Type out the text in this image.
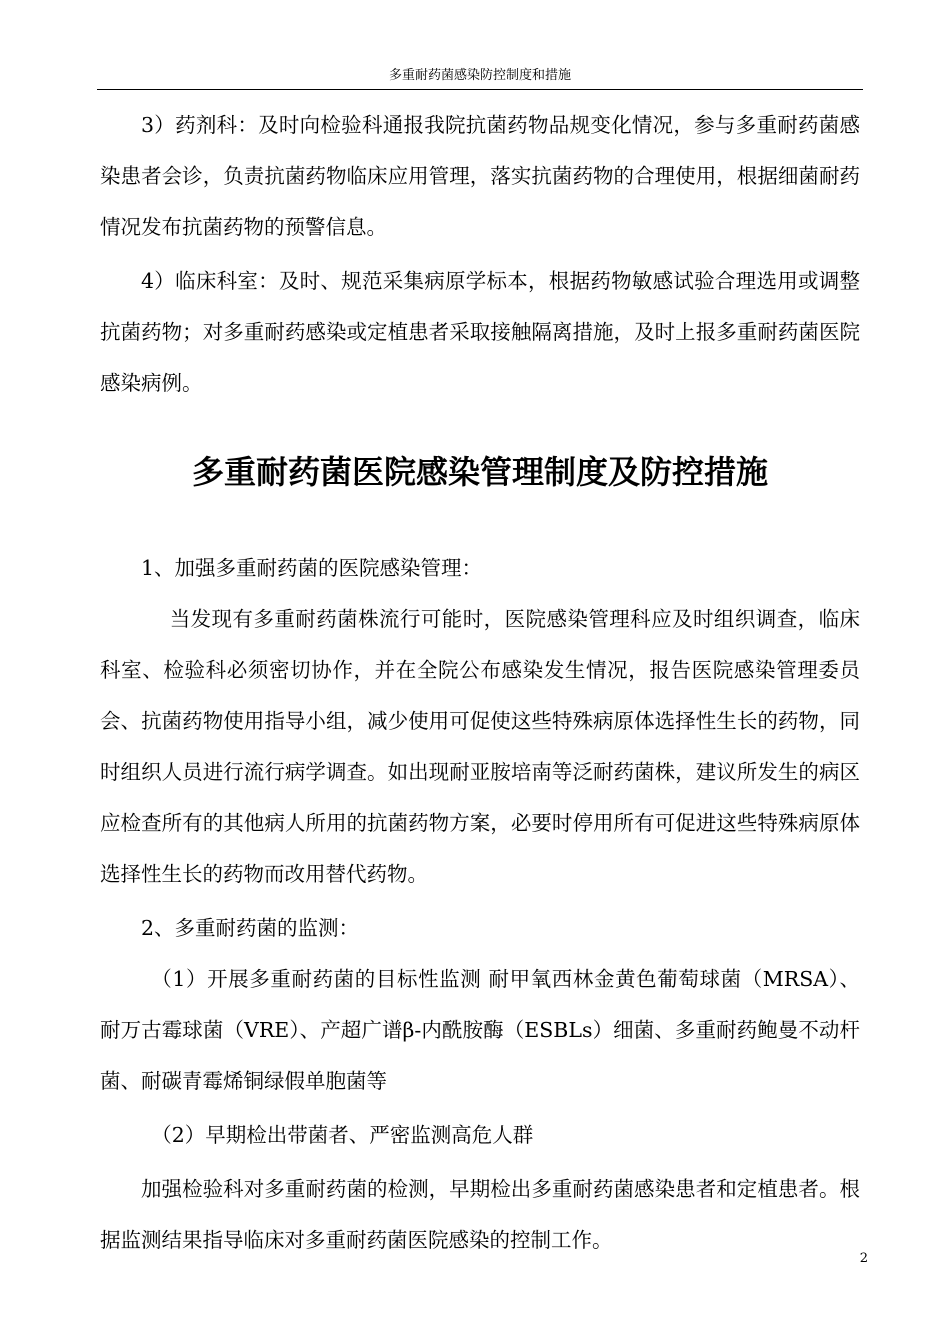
多重耐药菌感染防控制度和措施

3）药剂科：及时向检验科通报我院抗菌药物品规变化情况，参与多重耐药菌感染患者会诊，负责抗菌药物临床应用管理，落实抗菌药物的合理使用，根据细菌耐药情况发布抗菌药物的预警信息。

4）临床科室：及时、规范采集病原学标本，根据药物敏感试验合理选用或调整抗菌药物；对多重耐药感染或定植患者采取接触隔离措施，及时上报多重耐药菌医院感染病例。

多重耐药菌医院感染管理制度及防控措施

1、加强多重耐药菌的医院感染管理：

当发现有多重耐药菌株流行可能时，医院感染管理科应及时组织调查，临床科室、检验科必须密切协作，并在全院公布感染发生情况，报告医院感染管理委员会、抗菌药物使用指导小组，减少使用可促使这些特殊病原体选择性生长的药物，同时组织人员进行流行病学调查。如出现耐亚胺培南等泛耐药菌株，建议所发生的病区应检查所有的其他病人所用的抗菌药物方案，必要时停用所有可促进这些特殊病原体选择性生长的药物而改用替代药物。

2、多重耐药菌的监测：

（1）开展多重耐药菌的目标性监测 耐甲氧西林金黄色葡萄球菌（MRSA）、耐万古霉球菌（VRE）、产超广谱β-内酰胺酶（ESBLs）细菌、多重耐药鲍曼不动杆菌、耐碳青霉烯铜绿假单胞菌等

（2）早期检出带菌者、严密监测高危人群

加强检验科对多重耐药菌的检测，早期检出多重耐药菌感染患者和定植患者。根据监测结果指导临床对多重耐药菌医院感染的控制工作。

2
